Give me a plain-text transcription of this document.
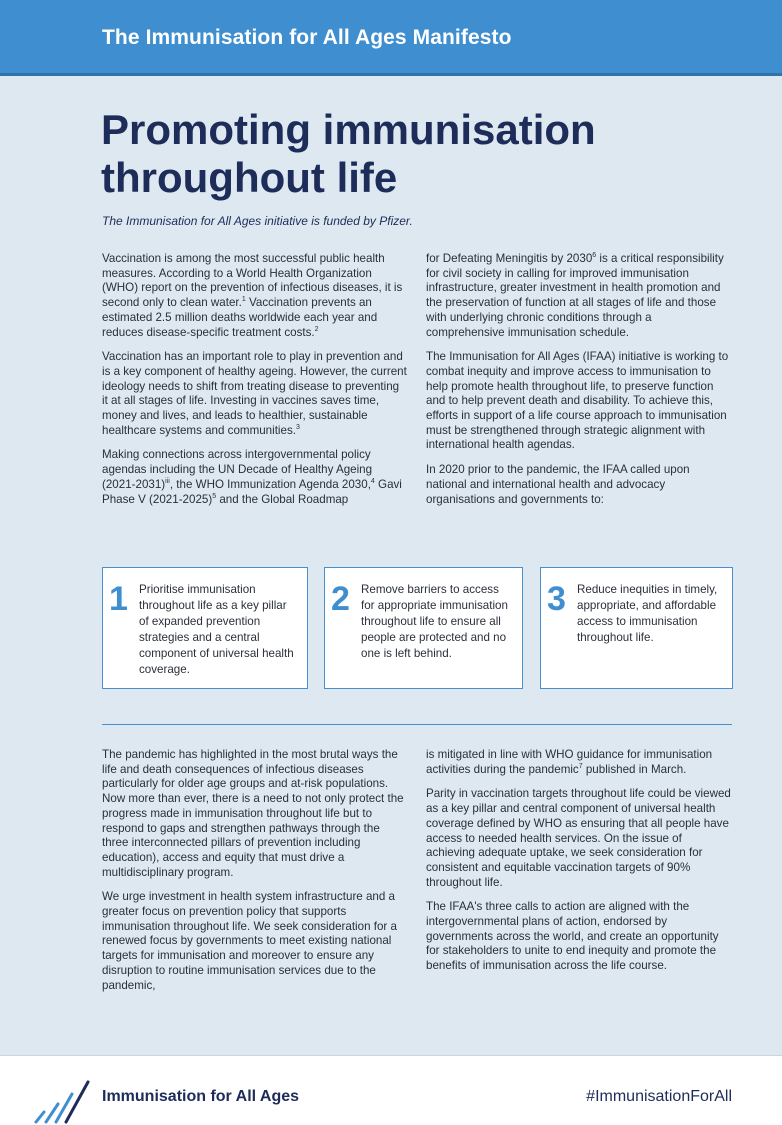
The Immunisation for All Ages Manifesto
Promoting immunisation throughout life
The Immunisation for All Ages initiative is funded by Pfizer.

Vaccination is among the most successful public health measures. According to a World Health Organization (WHO) report on the prevention of infectious diseases, it is second only to clean water.$^1$ Vaccination prevents an estimated 2.5 million deaths worldwide each year and reduces disease-specific treatment costs.$^2$

Vaccination has an important role to play in prevention and is a key component of healthy ageing. However, the current ideology needs to shift from treating disease to preventing it at all stages of life. Investing in vaccines saves time, money and lives, and leads to healthier, sustainable healthcare systems and communities.$^3$

Making connections across intergovernmental policy agendas including the UN Decade of Healthy Ageing (2021-2031)$^{iii}$, the WHO Immunization Agenda 2030,$^4$ Gavi Phase V (2021-2025)$^5$ and the Global Roadmap

for Defeating Meningitis by 2030$^6$ is a critical responsibility for civil society in calling for improved immunisation infrastructure, greater investment in health promotion and the preservation of function at all stages of life and those with underlying chronic conditions through a comprehensive immunisation schedule.

The Immunisation for All Ages (IFAA) initiative is working to combat inequity and improve access to immunisation to help promote health throughout life, to preserve function and to help prevent death and disability. To achieve this, efforts in support of a life course approach to immunisation must be strengthened through strategic alignment with international health agendas.

In 2020 prior to the pandemic, the IFAA called upon national and international health and advocacy organisations and governments to:

1 Prioritise immunisation throughout life as a key pillar of expanded prevention strategies and a central component of universal health coverage.
2 Remove barriers to access for appropriate immunisation throughout life to ensure all people are protected and no one is left behind.
3 Reduce inequities in timely, appropriate, and affordable access to immunisation throughout life.

The pandemic has highlighted in the most brutal ways the life and death consequences of infectious diseases particularly for older age groups and at-risk populations. Now more than ever, there is a need to not only protect the progress made in immunisation throughout life but to respond to gaps and strengthen pathways through the three interconnected pillars of prevention including education), access and equity that must drive a multidisciplinary program.

We urge investment in health system infrastructure and a greater focus on prevention policy that supports immunisation throughout life. We seek consideration for a renewed focus by governments to meet existing national targets for immunisation and moreover to ensure any disruption to routine immunisation services due to the pandemic,

is mitigated in line with WHO guidance for immunisation activities during the pandemic$^7$ published in March.

Parity in vaccination targets throughout life could be viewed as a key pillar and central component of universal health coverage defined by WHO as ensuring that all people have access to needed health services. On the issue of achieving adequate uptake, we seek consideration for consistent and equitable vaccination targets of 90% throughout life.

The IFAA's three calls to action are aligned with the intergovernmental plans of action, endorsed by governments across the world, and create an opportunity for stakeholders to unite to end inequity and promote the benefits of immunisation across the life course.

Immunisation for All Ages	#ImmunisationForAll
